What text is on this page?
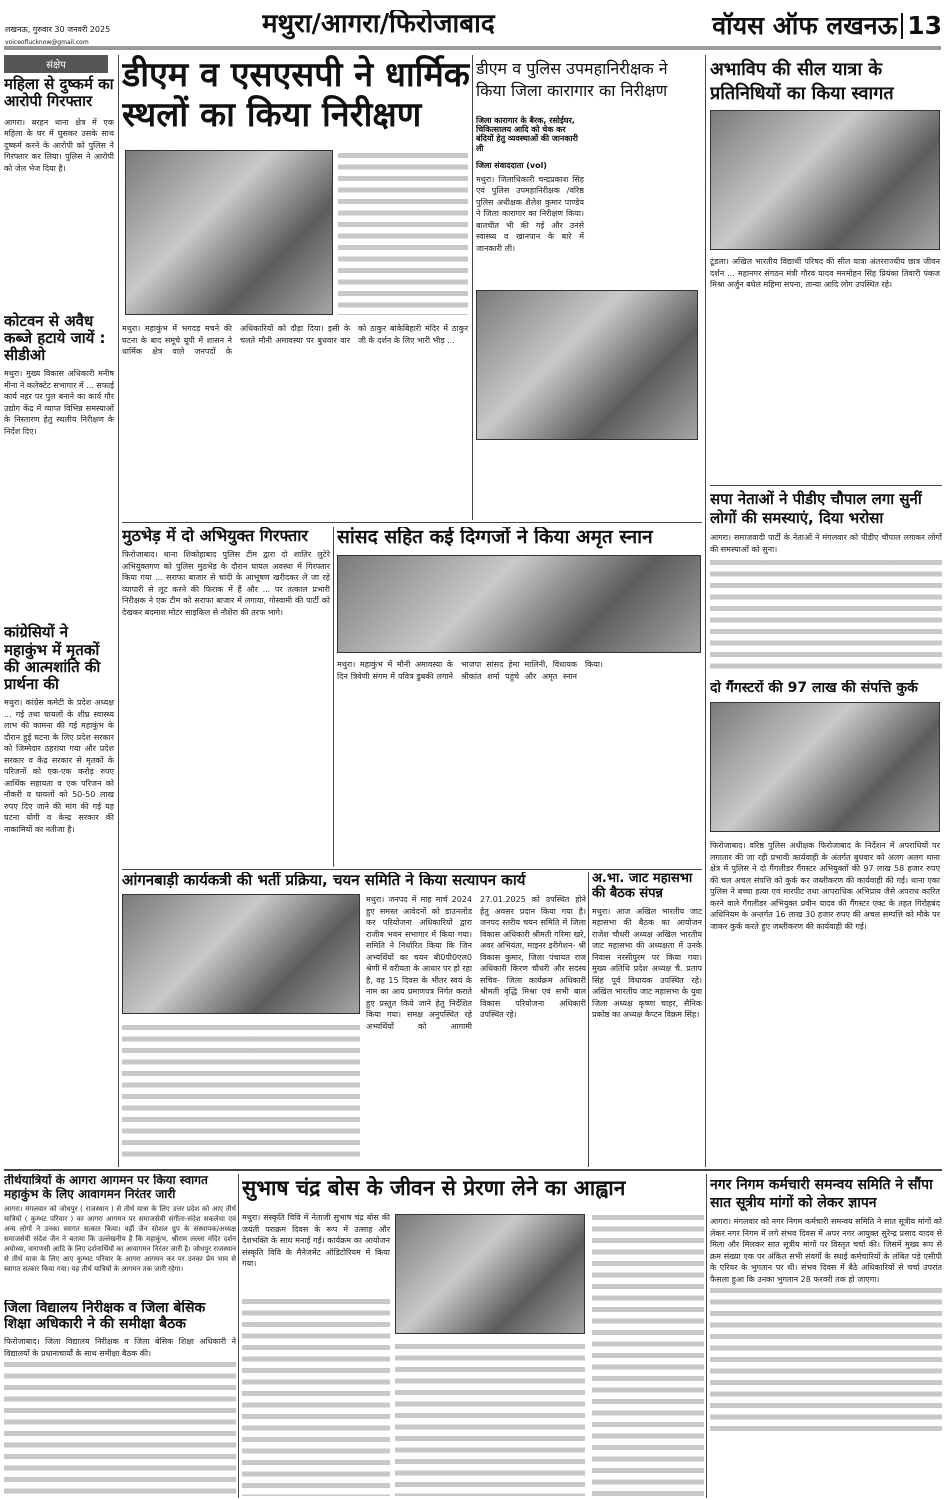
लखनऊ, गुरुवार 30 जनवरी 2025
voiceoflucknow@gmail.com
मथुरा/आगरा/फिरोजाबाद	वॉयस ऑफ लखनऊ 13
संक्षेप
महिला से दुष्कर्म का आरोपी गिरफ्तार
आगरा। बरहन थाना क्षेत्र में एक महिला के घर में घुसकर उसके साथ दुष्कर्म करने के आरोपी को पुलिस ने गिरफ्तार कर लिया। पुलिस ने आरोपी को जेल भेज दिया है।
कोटवन से अवैध कब्जे हटाये जायें : सीडीओ
मथुरा। मुख्य विकास अधिकारी मनीष मीना ने कलेक्टेट सभागार में ... सफाई कार्य नहर पर पुल बनाने का कार्य गौर उद्योग केंद्र में व्याप्त विभिन्न समस्याओं के निस्तारण हेतु स्थलीय निरीक्षण के निर्देश दिए।
कांग्रेसियों ने महाकुंभ में मृतकों की आत्मशांति की प्रार्थना की
मथुरा। कांग्रेस कमेटी के प्रदेश अध्यक्ष ... गई तथा घायलों के शीघ्र स्वास्थ्य लाभ की कामना की गई महाकुंभ के दौरान हुई घटना के लिए प्रदेश सरकार को जिम्मेदार ठहराया गया और प्रदेश सरकार व केंद्र सरकार से मृतकों के परिजनों को एक-एक करोड़ रुपए आर्थिक सहायता व एक परिजन को नौकरी व घायलों को 50-50 लाख रुपए दिए जाने की मांग की गई यह घटना योगी व केन्द्र सरकार की नाकामियों का नतीजा है।
डीएम व एसएसपी ने धार्मिक स्थलों का किया निरीक्षण
मथुरा। महाकुंभ में भगदड़ मचने की घटना के बाद समूचे यूपी में शासन ने धार्मिक क्षेत्र वाले जनपदों के अधिकारियों को दौड़ा दिया। इसी के चलते मौनी अमावस्या पर बुधवार वार को ठाकुर बांकेबिहारी मंदिर में ठाकुर जी के दर्शन के लिए भारी भीड़ ...
डीएम व पुलिस उपमहानिरीक्षक ने किया जिला कारागार का निरीक्षण
जिला कारागार के बैरक, रसोईघर, चिकित्सालय आदि को चेक कर बंदियों हेतु व्यवस्थाओं की जानकारी ली
जिला संवाददाता (vol)
मथुरा। जिलाधिकारी चन्द्रप्रकाश सिंह एवं पुलिस उपमहानिरीक्षक /वरिष्ठ पुलिस अधीक्षक शैलेश कुमार पाण्डेय ने जिला कारागार का निरीक्षण किया। बातचीत भी की गई और उनसे स्वास्थ्य व खानपान के बारे में जानकारी ली।
अभाविप की सील यात्रा के प्रतिनिधियों का किया स्वागत
टूंडला। अखिल भारतीय विद्यार्थी परिषद की सील यात्रा अंतरराज्यीय छात्र जीवन दर्शन ... महानगर संगठन मंत्री गौरव यादव मनमोहन सिंह प्रियंका तिवारी पंकज मिश्रा अर्जुन बघेल महिमा सपना, तान्या आदि लोग उपस्थित रहे।
सपा नेताओं ने पीडीए चौपाल लगा सुनीं लोगों की समस्याएं, दिया भरोसा
आगरा। समाजवादी पार्टी के नेताओं ने मंगलवार को पीडीए चौपाल लगाकर लोगों की समस्याओं को सुना।
दो गैंगस्टरों की 97 लाख की संपत्ति कुर्क
फिरोजाबाद। वरिष्ठ पुलिस अधीक्षक फिरोजाबाद के निर्देशन में अपराधियों पर लगातार की जा रही प्रभावी कार्यवाही के अंतर्गत बुधवार को अलग अलग थाना क्षेत्र में पुलिस ने दो गैंगलीडर गैंगस्टर अभियुक्तों की 97 लाख 58 हजार रुपए की चल अचल संपत्ति को कुर्क कर जब्तीकरण की कार्यवाही की गई। थाना एका पुलिस ने बच्चा हत्या एवं मारपीट तथा आपराधिक अभिप्राय जैसे अपराध कारित करने वाले गैंगलीडर अभियुक्त प्रवीन यादव की गैंगस्टर एक्ट के तहत गिरोहबंद अधिनियम के अन्तर्गत 16 लाख 30 हजार रुपए की अचल सम्पत्ति को मौके पर जाकर कुर्क करते हुए जब्तीकरण की कार्यवाही की गई।
मुठभेड़ में दो अभियुक्त गिरफ्तार
फिरोजाबाद। थाना शिकोहाबाद पुलिस टीम द्वारा दो शातिर लुटेरे अभियुक्तगण को पुलिस मुठभेड़ के दौरान घायल अवस्था में गिरफ्तार किया गया ... सराफा बाजार से चांदी के आभूषण खरीदकर ले जा रहे व्यापारी से लूट करने की फिराक में हैं और ... पर तत्काल प्रभारी निरीक्षक ने एक टीम को सराफा बाजार में लगाया, गोस्वामी की पार्टी को देखकर बदमाश मोटर साइकिल से नौशेरा की तरफ भागे।
सांसद सहित कई दिग्गजों ने किया अमृत स्नान
मथुरा। महाकुंभ में मौनी अमावस्या के दिन त्रिवेणी संगम में पवित्र डुबकी लगाने भाजपा सांसद हेमा मालिनी, विधायक श्रीकांत शर्मा पहुंचे और अमृत स्नान किया।
आंगनबाड़ी कार्यकत्री की भर्ती प्रक्रिया, चयन समिति ने किया सत्यापन कार्य
मथुरा। जनपद में माह मार्च 2024 हुए समस्त आवेदनों को डाउनलोड कर परियोजना अधिकारियों द्वारा राजीव भवन सभागार में किया गया। समिति ने निर्धारित किया कि जिन अभ्यर्थियों का चयन बी0पी0एल0 श्रेणी में वरीयता के आधार पर हो रहा है, वह 15 दिवस के भीतर स्वयं के नाम का आय प्रमाणपत्र निर्गत कराते हुए प्रस्तुत किये जाने हेतु निर्देशित किया गया। समक्ष अनुपस्थित रहे अभ्यर्थियों को आगामी 27.01.2025 को उपस्थित होने हेतु अवसर प्रदान किया गया है। जनपद स्तरीय चयन समिति में जिला विकास अधिकारी श्रीमती गरिमा खरे, अवर अभियंता, माइनर इरीगेशन- श्री विकास कुमार, जिला पंचायत राज अधिकारी किरण चौधरी और सदस्य सचिव- जिला कार्यक्रम अधिकारी श्रीमती वृद्धि मिश्रा एवं सभी बाल विकास परियोजना अधिकारी उपस्थित रहे।
अ.भा. जाट महासभा की बैठक संपन्न
मथुरा। आज अखिल भारतीय जाट महासभा की बैठक का आयोजन राजेश चौधरी अध्यक्ष अखिल भारतीय जाट महासभा की अध्यक्षता में उनके निवास नरसीपुरम पर किया गया। मुख्य अतिथि प्रदेश अध्यक्ष चै. प्रताप सिंह पूर्व विधायक उपस्थित रहे। अखिल भारतीय जाट महासभा के युवा जिला अध्यक्ष कृष्णा चाहर, सैनिक प्रकोष्ठ का अध्यक्ष कैप्टन विक्रम सिंह।
तीर्थयात्रियों के आगरा आगमन पर किया स्वागत
महाकुंभ के लिए आवागमन निरंतर जारी
आगरा। मंगलवार को जोधपुर ( राजस्थान ) से तीर्थ यात्रा के लिए उत्तर प्रदेश को आए तीर्थ यात्रियों ( कुम्भट परिवार ) का आगरा आगमन पर समाजसेवी संगीता-संदेश सकलेचा एवं अन्य लोगों ने उनका स्वागत सत्कार किया। वहीं जैन सोशल ग्रुप के संस्थापक/अध्यक्ष समाजसेवी संदेश जैन ने बताया कि उल्लेखनीय है कि महाकुंभ, श्रीराम लल्ला मंदिर दर्शन अयोध्या, वाराणसी आदि के लिए दर्शनार्थियों का आवागमन निरंतर जारी है। जोधपुर राजस्थान से तीर्थ यात्रा के लिए आए कुम्भट परिवार के आगरा आगमन कर पर उनका प्रेम भाव से स्वागत सत्कार किया गया। यह तीर्थ यात्रियों के आगमन तक जारी रहेगा।
जिला विद्यालय निरीक्षक व जिला बेसिक शिक्षा अधिकारी ने की समीक्षा बैठक
फिरोजाबाद। जिला विद्यालय निरीक्षक व जिला बेसिक शिक्षा अधिकारी ने विद्यालयों के प्रधानाचार्यों के साथ समीक्षा बैठक की।
सुभाष चंद्र बोस के जीवन से प्रेरणा लेने का आह्वान
मथुरा। संस्कृति विवि में नेताजी सुभाष चंद्र बोस की जयंती पराक्रम दिवस के रूप में उत्साह और देशभक्ति के साथ मनाई गई। कार्यक्रम का आयोजन संस्कृति विवि के मैनेजमेंट ऑडिटोरियम में किया गया।
नगर निगम कर्मचारी समन्वय समिति ने सौंपा सात सूत्रीय मांगों को लेकर ज्ञापन
आगरा। मंगलवार को नगर निगम कर्मचारी समन्वय समिति ने सात सूत्रीय मांगों को लेकर नगर निगम में लगे संभव दिवस में अपर नगर आयुक्त सुरेन्द्र प्रसाद यादव से मिला और मिलकर सात सूत्रीय मांगों पर विस्तृत चर्चा की। जिसमें मुख्य रूप से क्रम संख्या एक पर अंकित सभी संवर्गो के स्थाई कर्मचारियों के लंबित पड़े एसीपी के एरियर के भुगतान पर थी। संभव दिवस में बैठे अधिकारियों से चर्चा उपरांत फैसला हुआ कि उनका भुगतान 28 फरवरी तक हो जाएगा।
